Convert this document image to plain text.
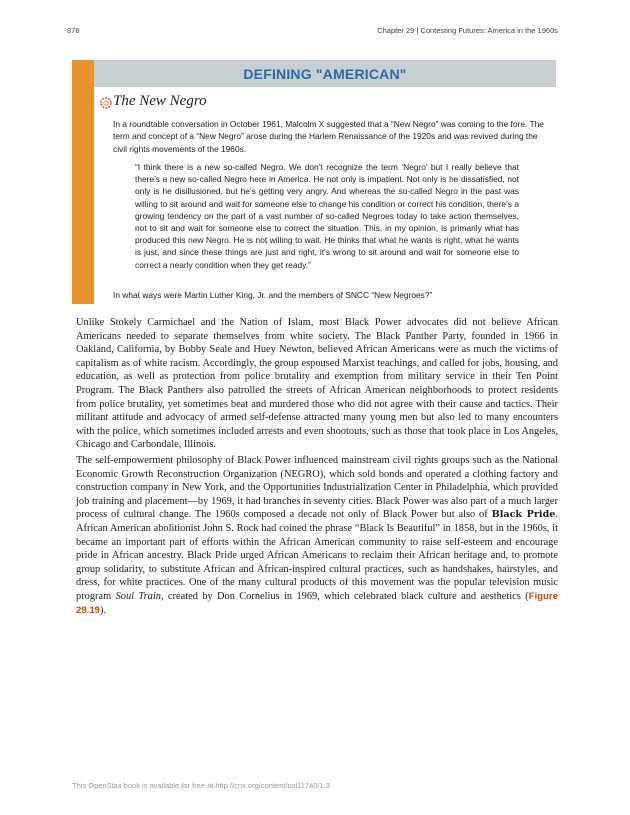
876	Chapter 29 | Contesting Futures: America in the 1960s
DEFINING "AMERICAN"
The New Negro
In a roundtable conversation in October 1961, Malcolm X suggested that a “New Negro” was coming to the fore. The term and concept of a “New Negro” arose during the Harlem Renaissance of the 1920s and was revived during the civil rights movements of the 1960s.
“I think there is a new so-called Negro. We don’t recognize the term ‘Negro’ but I really believe that there’s a new so-called Negro here in America. He not only is impatient. Not only is he dissatisfied, not only is he disillusioned, but he’s getting very angry. And whereas the so-called Negro in the past was willing to sit around and wait for someone else to change his condition or correct his condition, there’s a growing tendency on the part of a vast number of so-called Negroes today to take action themselves, not to sit and wait for someone else to correct the situation. This, in my opinion, is primarily what has produced this new Negro. He is not willing to wait. He thinks that what he wants is right, what he wants is just, and since these things are just and right, it’s wrong to sit around and wait for someone else to correct a nearly condition when they get ready.”
In what ways were Martin Luther King, Jr. and the members of SNCC “New Negroes?”
Unlike Stokely Carmichael and the Nation of Islam, most Black Power advocates did not believe African Americans needed to separate themselves from white society. The Black Panther Party, founded in 1966 in Oakland, California, by Bobby Seale and Huey Newton, believed African Americans were as much the victims of capitalism as of white racism. Accordingly, the group espoused Marxist teachings, and called for jobs, housing, and education, as well as protection from police brutality and exemption from military service in their Ten Point Program. The Black Panthers also patrolled the streets of African American neighborhoods to protect residents from police brutality, yet sometimes beat and murdered those who did not agree with their cause and tactics. Their militant attitude and advocacy of armed self-defense attracted many young men but also led to many encounters with the police, which sometimes included arrests and even shootouts, such as those that took place in Los Angeles, Chicago and Carbondale, Illinois.
The self-empowerment philosophy of Black Power influenced mainstream civil rights groups such as the National Economic Growth Reconstruction Organization (NEGRO), which sold bonds and operated a clothing factory and construction company in New York, and the Opportunities Industrialization Center in Philadelphia, which provided job training and placement—by 1969, it had branches in seventy cities. Black Power was also part of a much larger process of cultural change. The 1960s composed a decade not only of Black Power but also of Black Pride. African American abolitionist John S. Rock had coined the phrase “Black Is Beautiful” in 1858, but in the 1960s, it became an important part of efforts within the African American community to raise self-esteem and encourage pride in African ancestry. Black Pride urged African Americans to reclaim their African heritage and, to promote group solidarity, to substitute African and African-inspired cultural practices, such as handshakes, hairstyles, and dress, for white practices. One of the many cultural products of this movement was the popular television music program Soul Train, created by Don Cornelius in 1969, which celebrated black culture and aesthetics (Figure 29.19).
This OpenStax book is available for free at http://cnx.org/content/col11740/1.3
